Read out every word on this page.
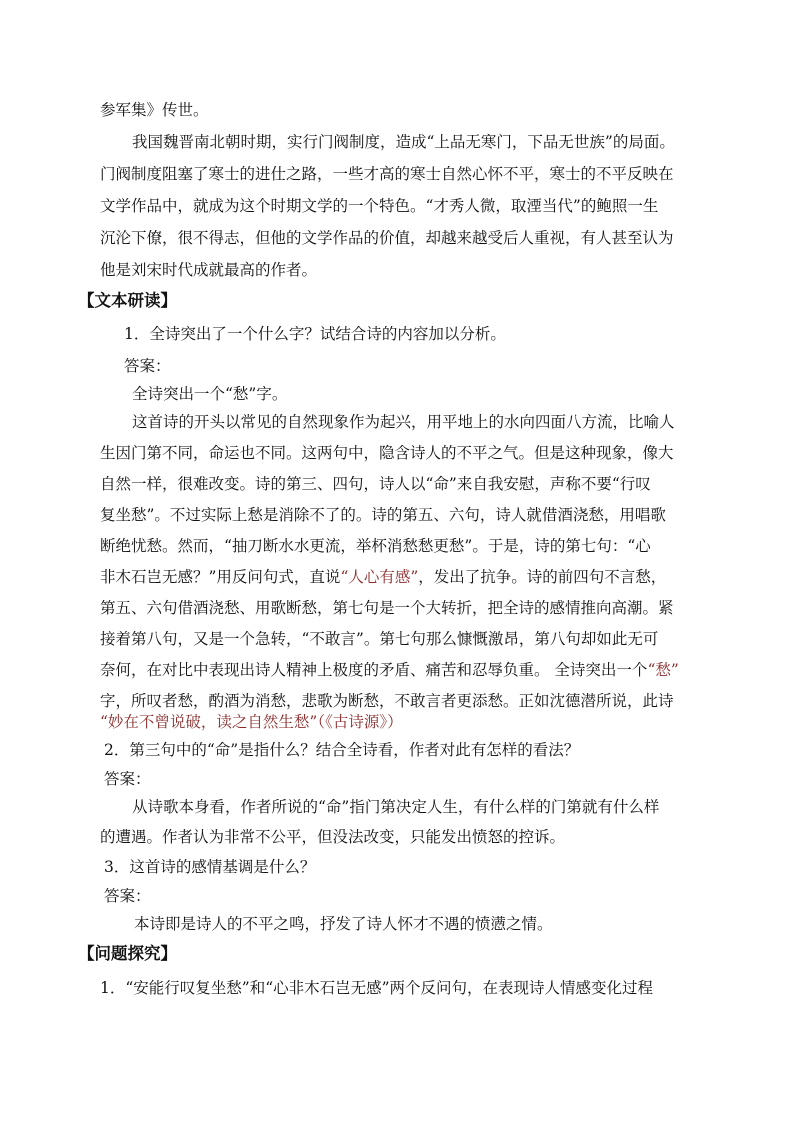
参军集》传世。
我国魏晋南北朝时期，实行门阀制度，造成“上品无寒门，下品无世族”的局面。
门阀制度阻塞了寒士的进仕之路，一些才高的寒士自然心怀不平，寒士的不平反映在
文学作品中，就成为这个时期文学的一个特色。“才秀人微，取湮当代”的鲍照一生
沉沦下僚，很不得志，但他的文学作品的价值，却越来越受后人重视，有人甚至认为
他是刘宋时代成就最高的作者。
【文本研读】
1．全诗突出了一个什么字？试结合诗的内容加以分析。
答案：
全诗突出一个“愁”字。
这首诗的开头以常见的自然现象作为起兴，用平地上的水向四面八方流，比喻人
生因门第不同，命运也不同。这两句中，隐含诗人的不平之气。但是这种现象，像大
自然一样，很难改变。诗的第三、四句，诗人以“命”来自我安慰，声称不要“行叹
复坐愁”。不过实际上愁是消除不了的。诗的第五、六句，诗人就借酒浇愁，用唱歌
断绝忧愁。然而，“抽刀断水水更流，举杯消愁愁更愁”。于是，诗的第七句：“心
非木石岂无感？”用反问句式，直说“人心有感”，发出了抗争。诗的前四句不言愁，
第五、六句借酒浇愁、用歌断愁，第七句是一个大转折，把全诗的感情推向高潮。紧
接着第八句，又是一个急转，“不敢言”。第七句那么慷慨激昂，第八句却如此无可
奈何，在对比中表现出诗人精神上极度的矛盾、痛苦和忍辱负重。 全诗突出一个“愁”
字，所叹者愁，酌酒为消愁，悲歌为断愁，不敢言者更添愁。正如沈德潜所说，此诗
“妙在不曾说破，读之自然生愁”（《古诗源》）
2．第三句中的“命”是指什么？结合全诗看，作者对此有怎样的看法？
答案：
从诗歌本身看，作者所说的“命”指门第决定人生，有什么样的门第就有什么样
的遭遇。作者认为非常不公平，但没法改变，只能发出愤怒的控诉。
3．这首诗的感情基调是什么？
答案：
本诗即是诗人的不平之鸣，抒发了诗人怀才不遇的愤懑之情。
【问题探究】
1．“安能行叹复坐愁”和“心非木石岂无感”两个反问句，在表现诗人情感变化过程
